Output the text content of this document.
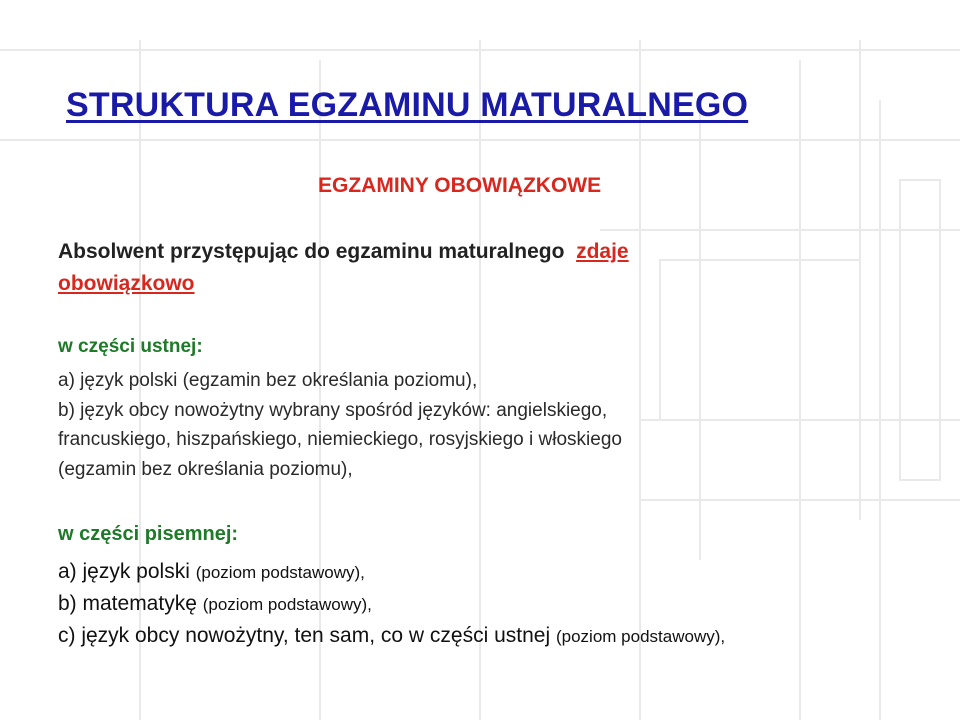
STRUKTURA EGZAMINU MATURALNEGO
EGZAMINY OBOWIĄZKOWE
Absolwent przystępując do egzaminu maturalnego zdaje
obowiązkowo
w części ustnej:
a) język polski (egzamin bez określania poziomu),
b) język obcy nowożytny wybrany spośród języków: angielskiego,
francuskiego, hiszpańskiego, niemieckiego, rosyjskiego i włoskiego
(egzamin bez określania poziomu),
w części pisemnej:
a) język polski (poziom podstawowy),
b) matematykę (poziom podstawowy),
c) język obcy nowożytny, ten sam, co w części ustnej (poziom podstawowy),
